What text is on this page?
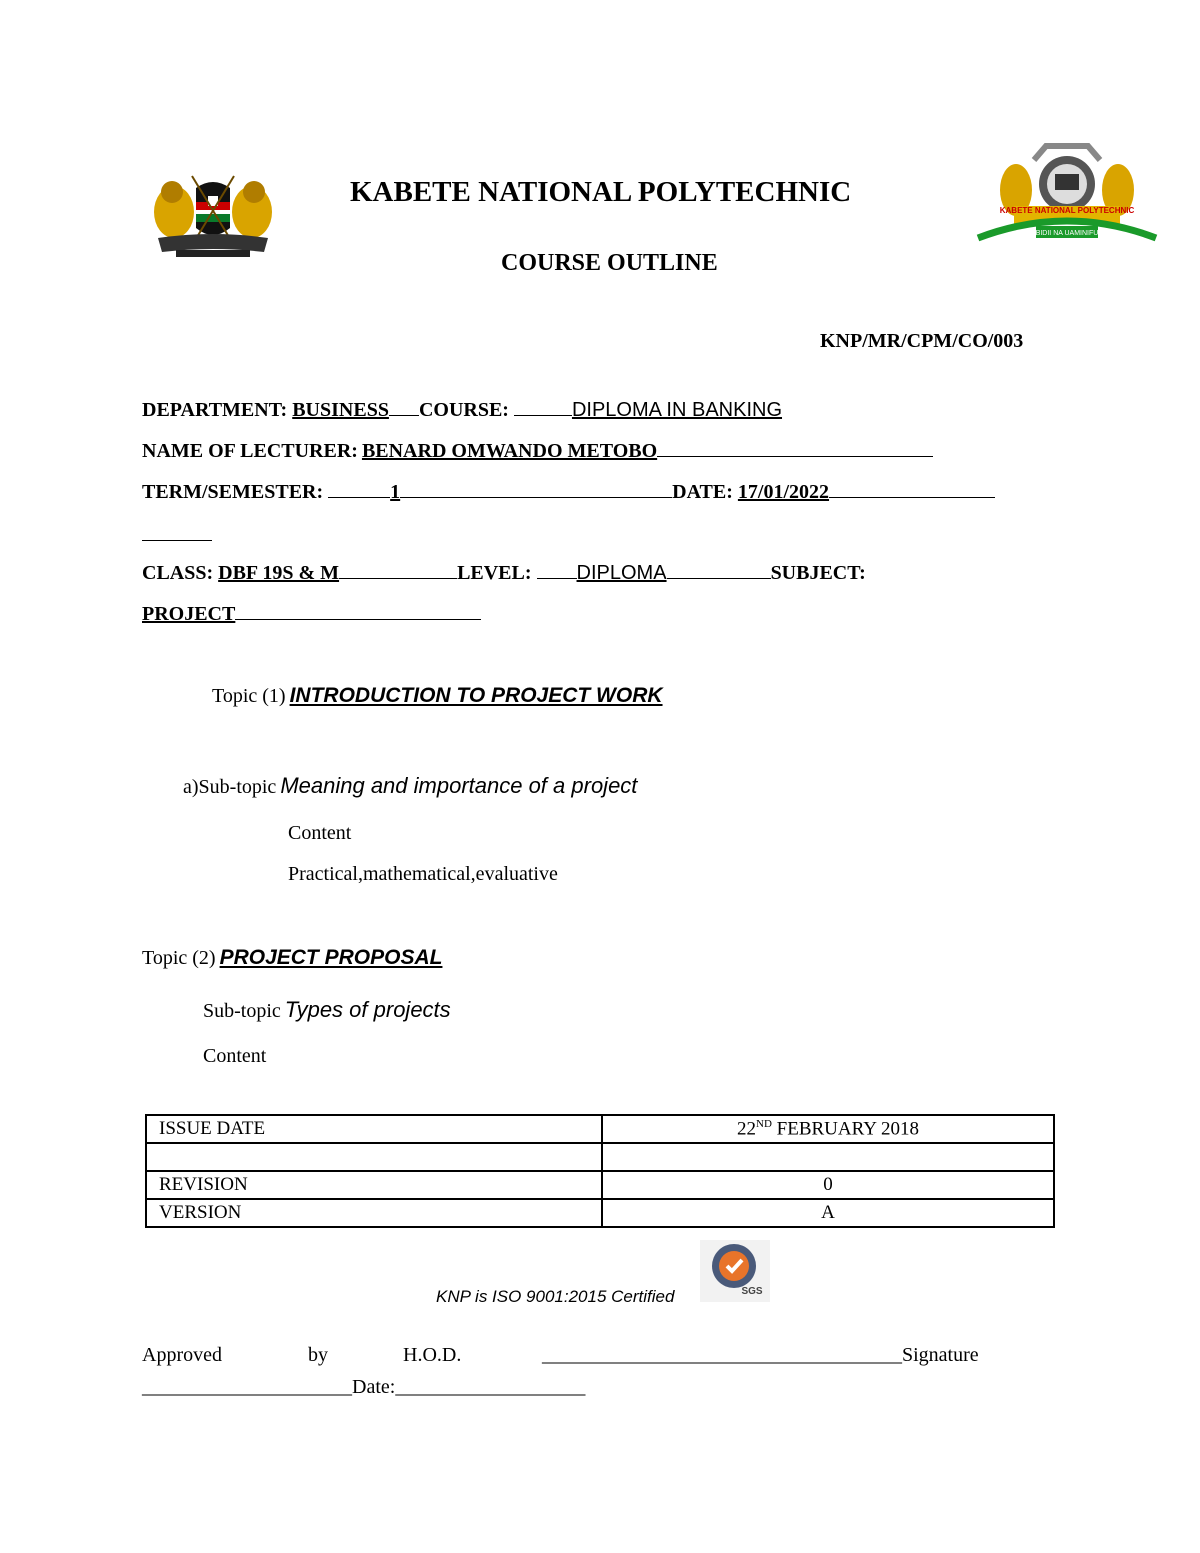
KABETE NATIONAL POLYTECHNIC
BIDII NA UAMINIFU
KABETE NATIONAL POLYTECHNIC
COURSE OUTLINE
KNP/MR/CPM/CO/003
DEPARTMENT: BUSINESS COURSE:	DIPLOMA IN BANKING
NAME OF LECTURER: BENARD OMWANDO METOBO
TERM/SEMESTER:	1	DATE: 17/01/2022
CLASS: DBF 19S & M	LEVEL: DIPLOMA	SUBJECT:
PROJECT
Topic (1) INTRODUCTION TO PROJECT WORK
a)Sub-topic Meaning and importance of a project
Content
Practical,mathematical,evaluative
Topic (2) PROJECT PROPOSAL
Sub-topic Types of projects
Content
ISSUE DATE	22ND FEBRUARY 2018

REVISION	0
VERSION	A
KNP is ISO 9001:2015 Certified	SGS
Approved	by	H.O.D.	____________________________________Signature
_____________________Date:___________________
